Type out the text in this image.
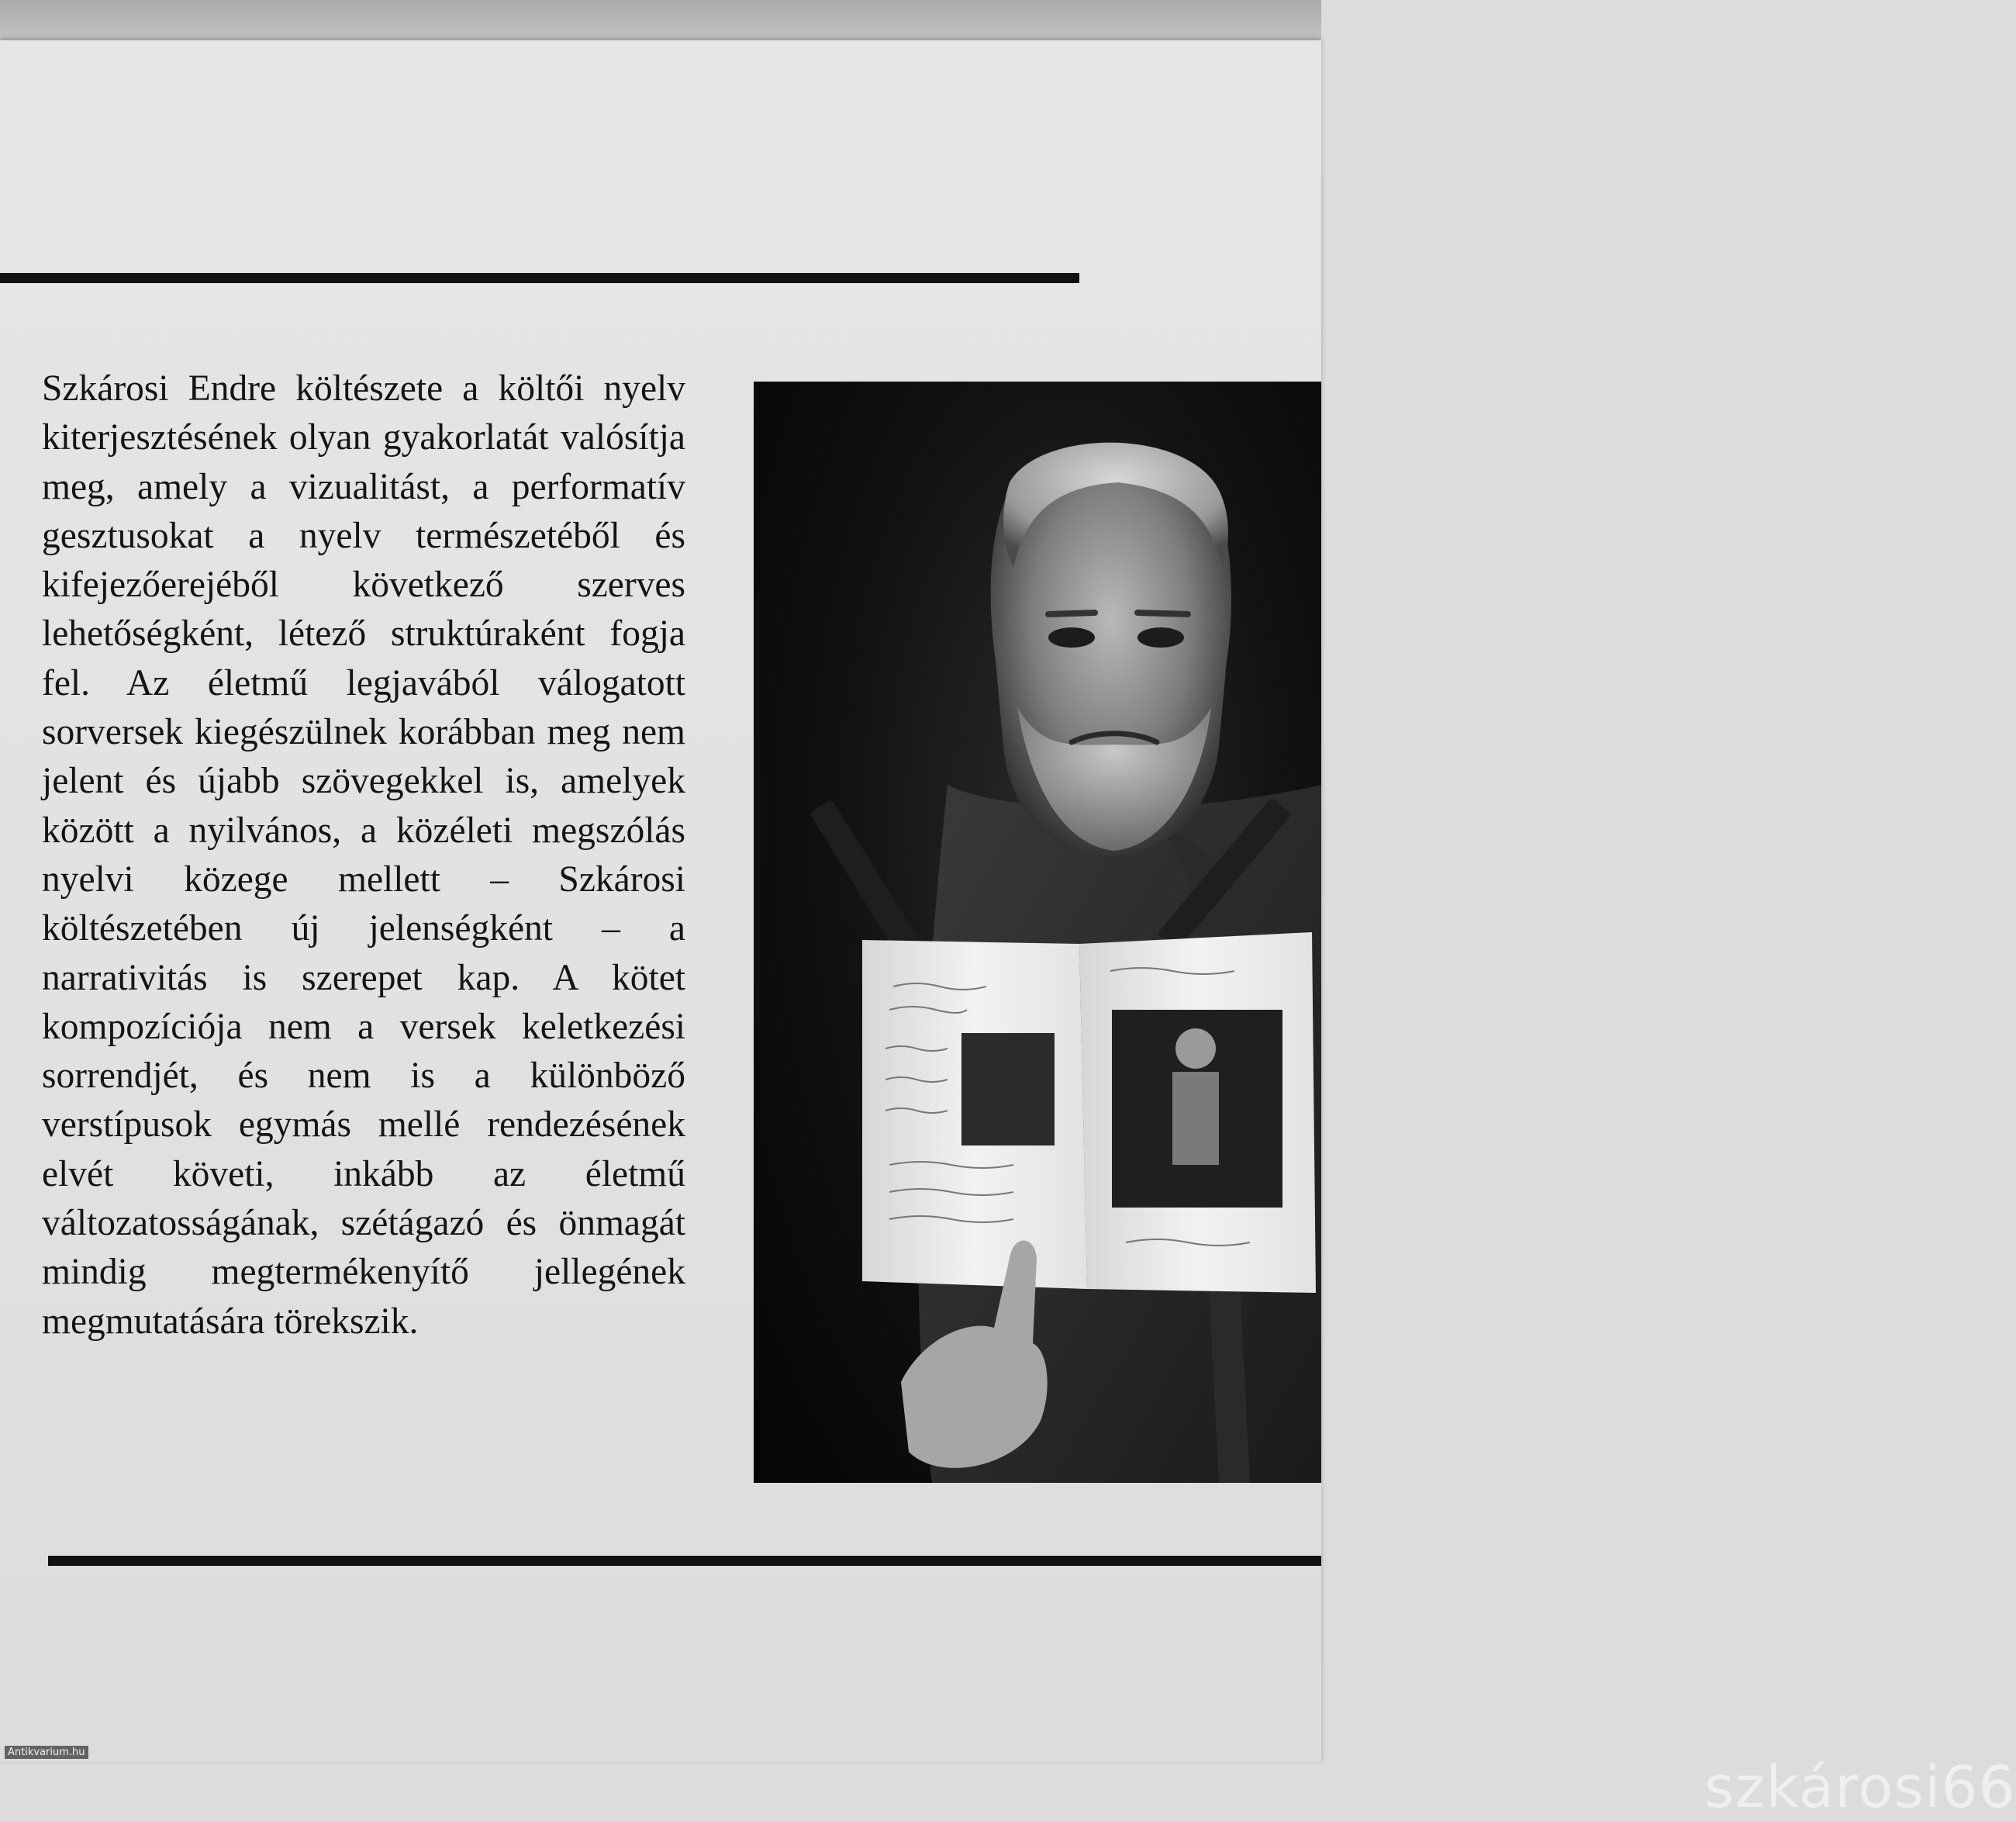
Szkárosi Endre költészete a költői nyelv kiterjesztésének olyan gyakorlatát valósítja meg, amely a vizualitást, a performatív gesztusokat a nyelv természetéből és kifejezőerejéből következő szerves lehetőségként, létező struktúraként fogja fel. Az életmű legjavából válogatott sorversek kiegészülnek korábban meg nem jelent és újabb szövegekkel is, amelyek között a nyilvános, a közéleti megszólás nyelvi közege mellett – Szkárosi költészetében új jelenségként – a narrativitás is szerepet kap. A kötet kompozíciója nem a versek keletkezési sorrendjét, és nem is a különböző verstípusok egymás mellé rendezésének elvét követi, inkább az életmű változatosságának, szétágazó és önmagát mindig megtermékenyítő jellegének megmutatására törekszik.

szkárosi66
Antikvarium.hu
